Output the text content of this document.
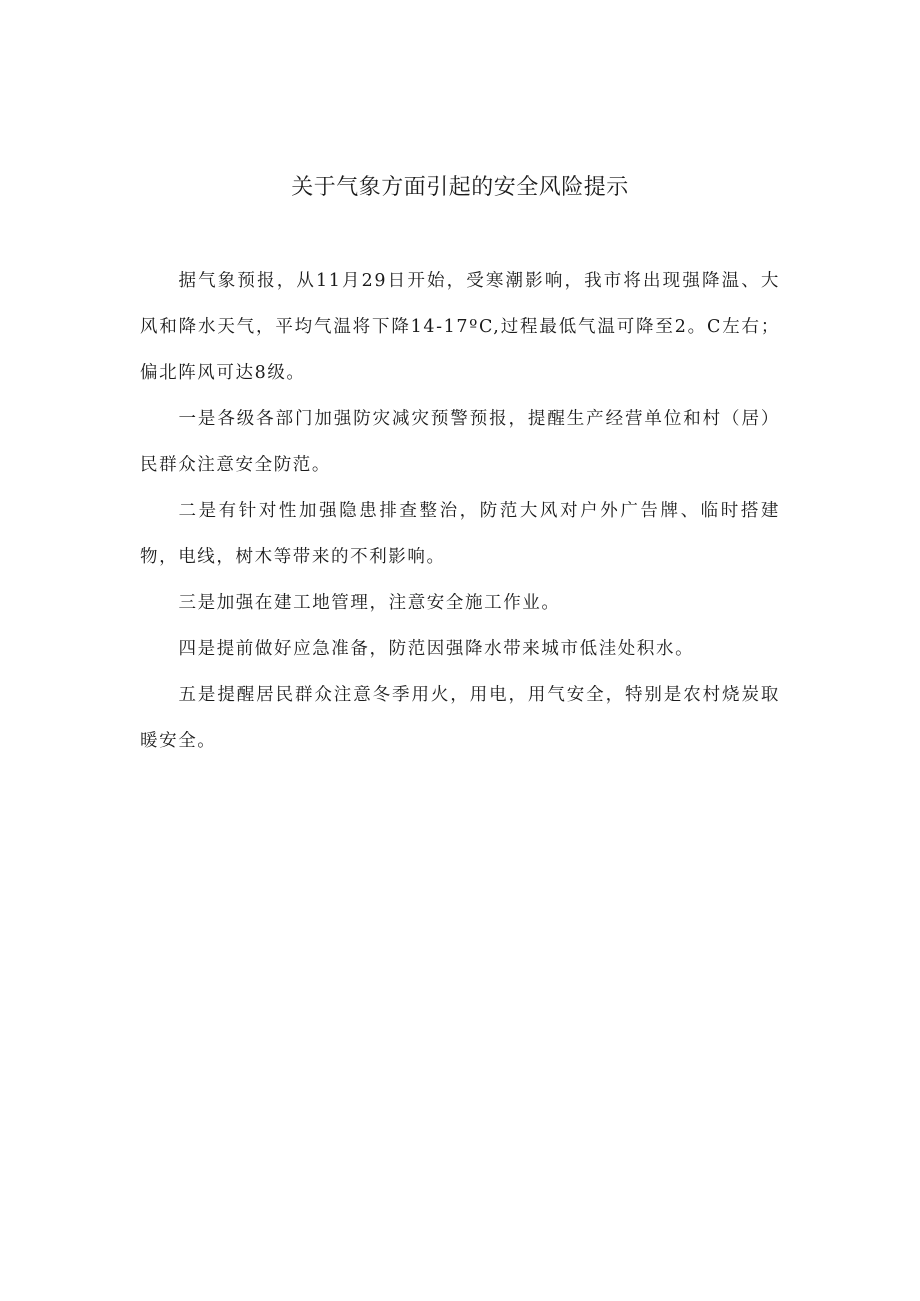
关于气象方面引起的安全风险提示

据气象预报，从11月29日开始，受寒潮影响，我市将出现强降温、大风和降水天气，平均气温将下降14-17ºC,过程最低气温可降至2。C左右；偏北阵风可达8级。

一是各级各部门加强防灾减灾预警预报，提醒生产经营单位和村（居）民群众注意安全防范。

二是有针对性加强隐患排查整治，防范大风对户外广告牌、临时搭建物，电线，树木等带来的不利影响。

三是加强在建工地管理，注意安全施工作业。

四是提前做好应急准备，防范因强降水带来城市低洼处积水。

五是提醒居民群众注意冬季用火，用电，用气安全，特别是农村烧炭取暖安全。
